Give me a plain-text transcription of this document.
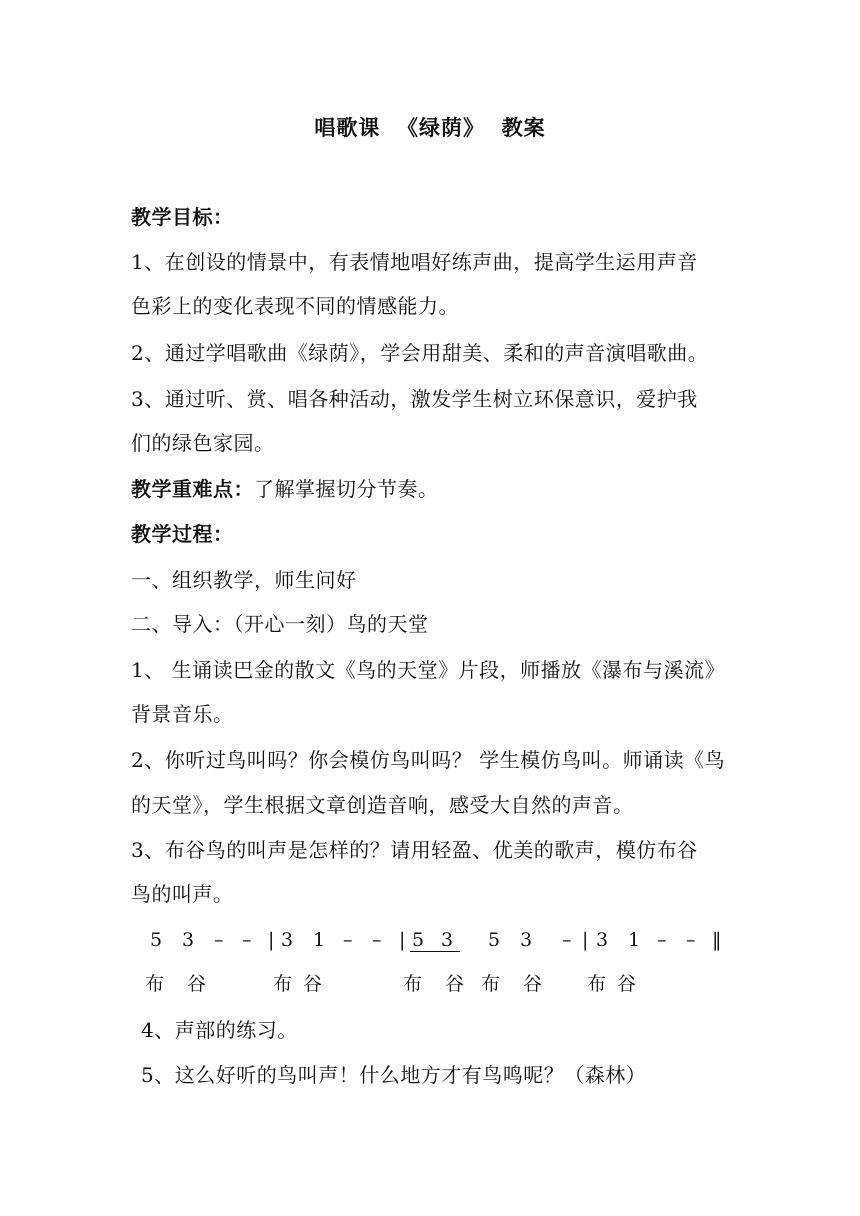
唱歌课  《绿荫》  教案
教学目标：
1、在创设的情景中，有表情地唱好练声曲，提高学生运用声音
色彩上的变化表现不同的情感能力。
2、通过学唱歌曲《绿荫》，学会用甜美、柔和的声音演唱歌曲。
3、通过听、赏、唱各种活动，激发学生树立环保意识，爱护我
们的绿色家园。
教学重难点：了解掌握切分节奏。
教学过程：
一、组织教学，师生问好
二、导入：（开心一刻）鸟的天堂
1、 生诵读巴金的散文《鸟的天堂》片段，师播放《瀑布与溪流》
背景音乐。
2、你听过鸟叫吗？你会模仿鸟叫吗？ 学生模仿鸟叫。师诵读《鸟
的天堂》，学生根据文章创造音响，感受大自然的声音。
3、布谷鸟的叫声是怎样的？请用轻盈、优美的歌声，模仿布谷
鸟的叫声。
5 3 – – | 3 1 – – | 5 3 5 3 – | 3 1 – – ‖
布 谷	布 谷	布 谷 布 谷 布 谷
4、声部的练习。
5、这么好听的鸟叫声！什么地方才有鸟鸣呢？（森林）
